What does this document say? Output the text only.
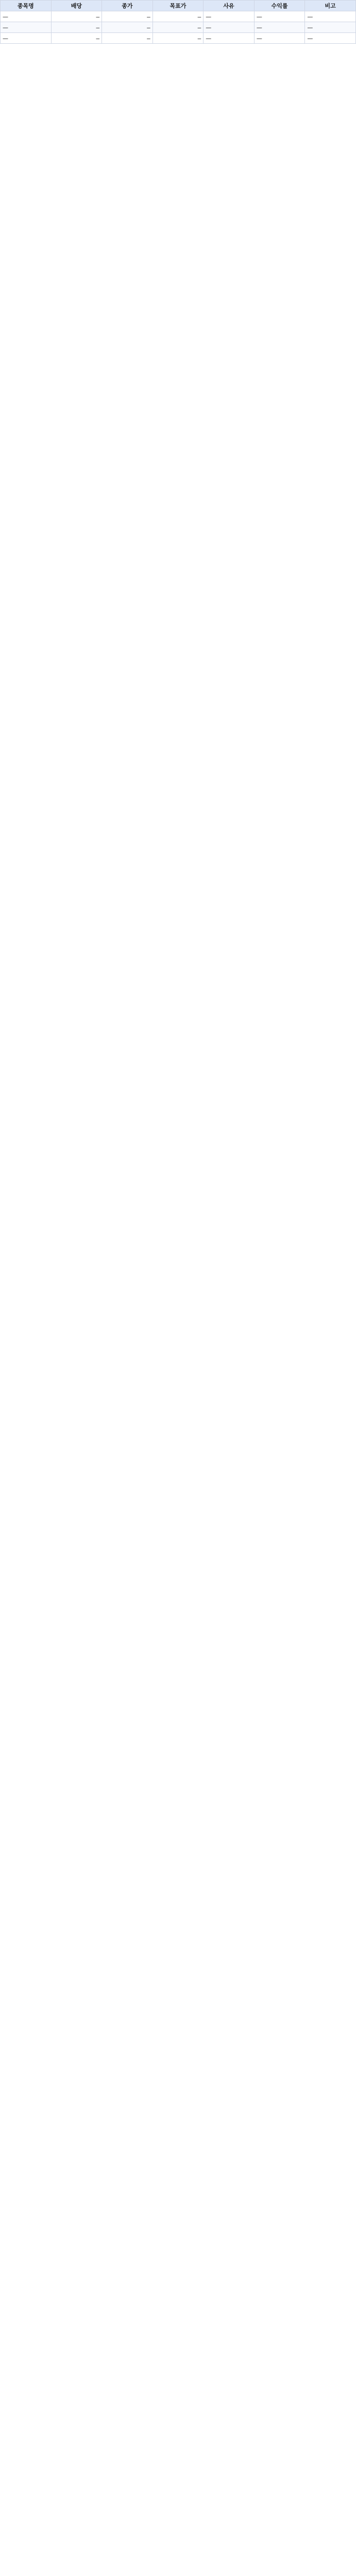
종목명	배당	종가	목표가	사유	수익률	비고
—	—	—	—	—	—	—
—	—	—	—	—	—	—
—	—	—	—	—	—	—
